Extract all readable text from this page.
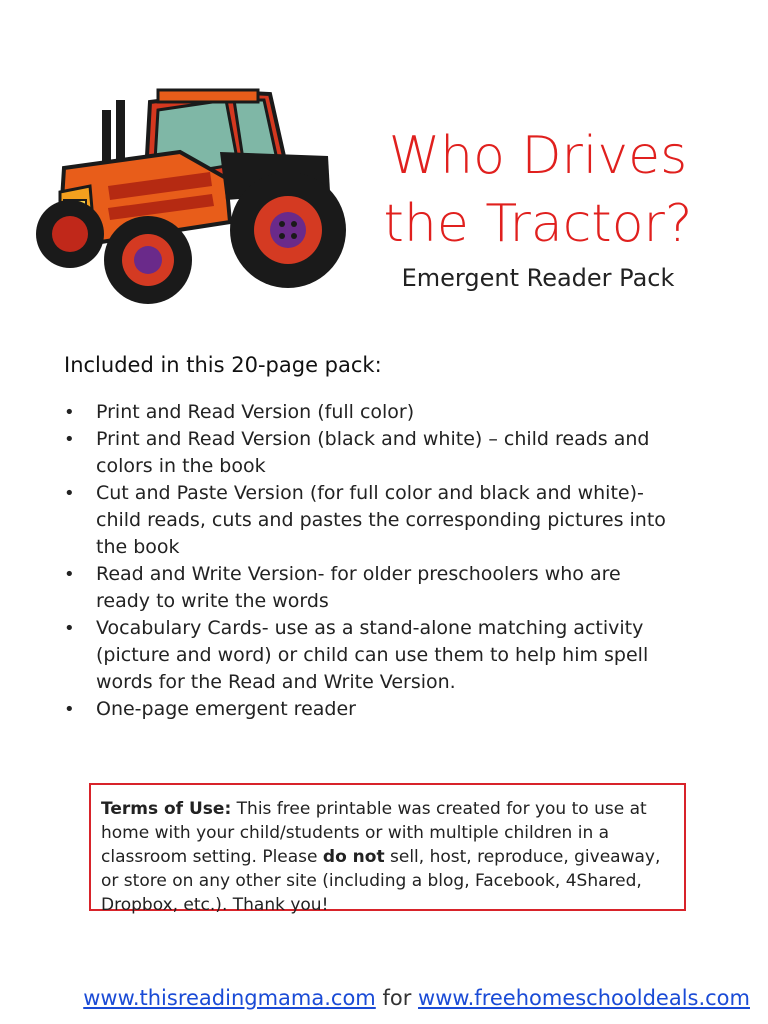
Who Drives
the Tractor?
Emergent Reader Pack
Included in this 20-page pack:
• Print and Read Version (full color)
• Print and Read Version (black and white) – child reads and colors in the book
• Cut and Paste Version (for full color and black and white)- child reads, cuts and pastes the corresponding pictures into the book
• Read and Write Version- for older preschoolers who are ready to write the words
• Vocabulary Cards- use as a stand-alone matching activity (picture and word) or child can use them to help him spell words for the Read and Write Version.
• One-page emergent reader
Terms of Use: This free printable was created for you to use at home with your child/students or with multiple children in a classroom setting. Please do not sell, host, reproduce, giveaway, or store on any other site (including a blog, Facebook, 4Shared, Dropbox, etc.). Thank you!
www.thisreadingmama.com for www.freehomeschooldeals.com
